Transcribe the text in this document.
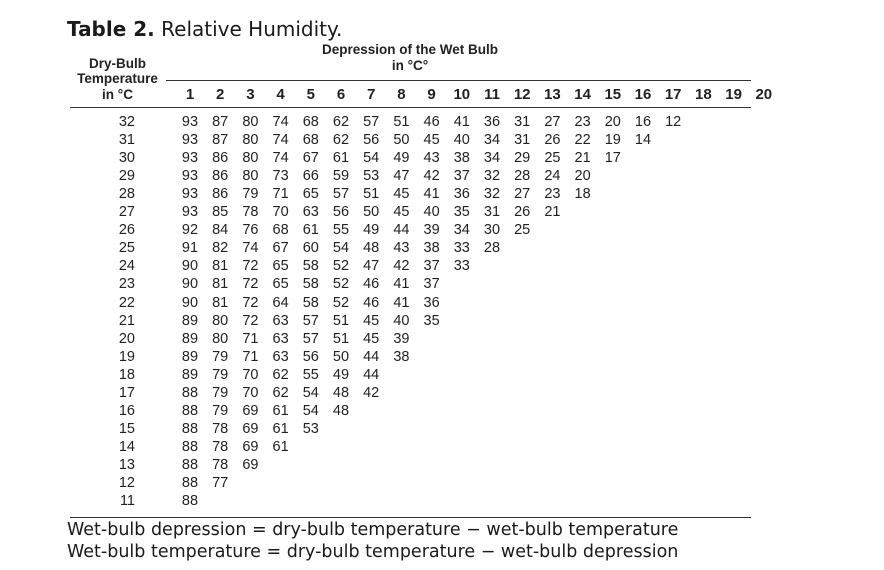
Table 2. Relative Humidity.
Depression of the Wet Bulb
in °C°
Dry-Bulb
Temperature
in °C	1	2	3	4	5	6	7	8	9	10 11 12 13 14 15 16 17 18 19 20
32	93 87 80 74 68 62 57 51 46 41 36 31 27 23 20 16 12
31	93 87 80 74 68 62 56 50 45 40 34 31 26 22 19 14
30	93 86 80 74 67 61 54 49 43 38 34 29 25 21 17
29	93 86 80 73 66 59 53 47 42 37 32 28 24 20
28	93 86 79 71 65 57 51 45 41 36 32 27 23 18
27	93 85 78 70 63 56 50 45 40 35 31 26 21
26	92 84 76 68 61 55 49 44 39 34 30 25
25	91 82 74 67 60 54 48 43 38 33 28
24	90 81 72 65 58 52 47 42 37 33
23	90 81 72 65 58 52 46 41 37
22	90 81 72 64 58 52 46 41 36
21	89 80 72 63 57 51 45 40 35
20	89 80 71 63 57 51 45 39
19	89 79 71 63 56 50 44 38
18	89 79 70 62 55 49 44
17	88 79 70 62 54 48 42
16	88 79 69 61 54 48
15	88 78 69 61 53
14	88 78 69 61
13	88 78 69
12	88 77
11	88
Wet-bulb depression = dry-bulb temperature − wet-bulb temperature
Wet-bulb temperature = dry-bulb temperature − wet-bulb depression
